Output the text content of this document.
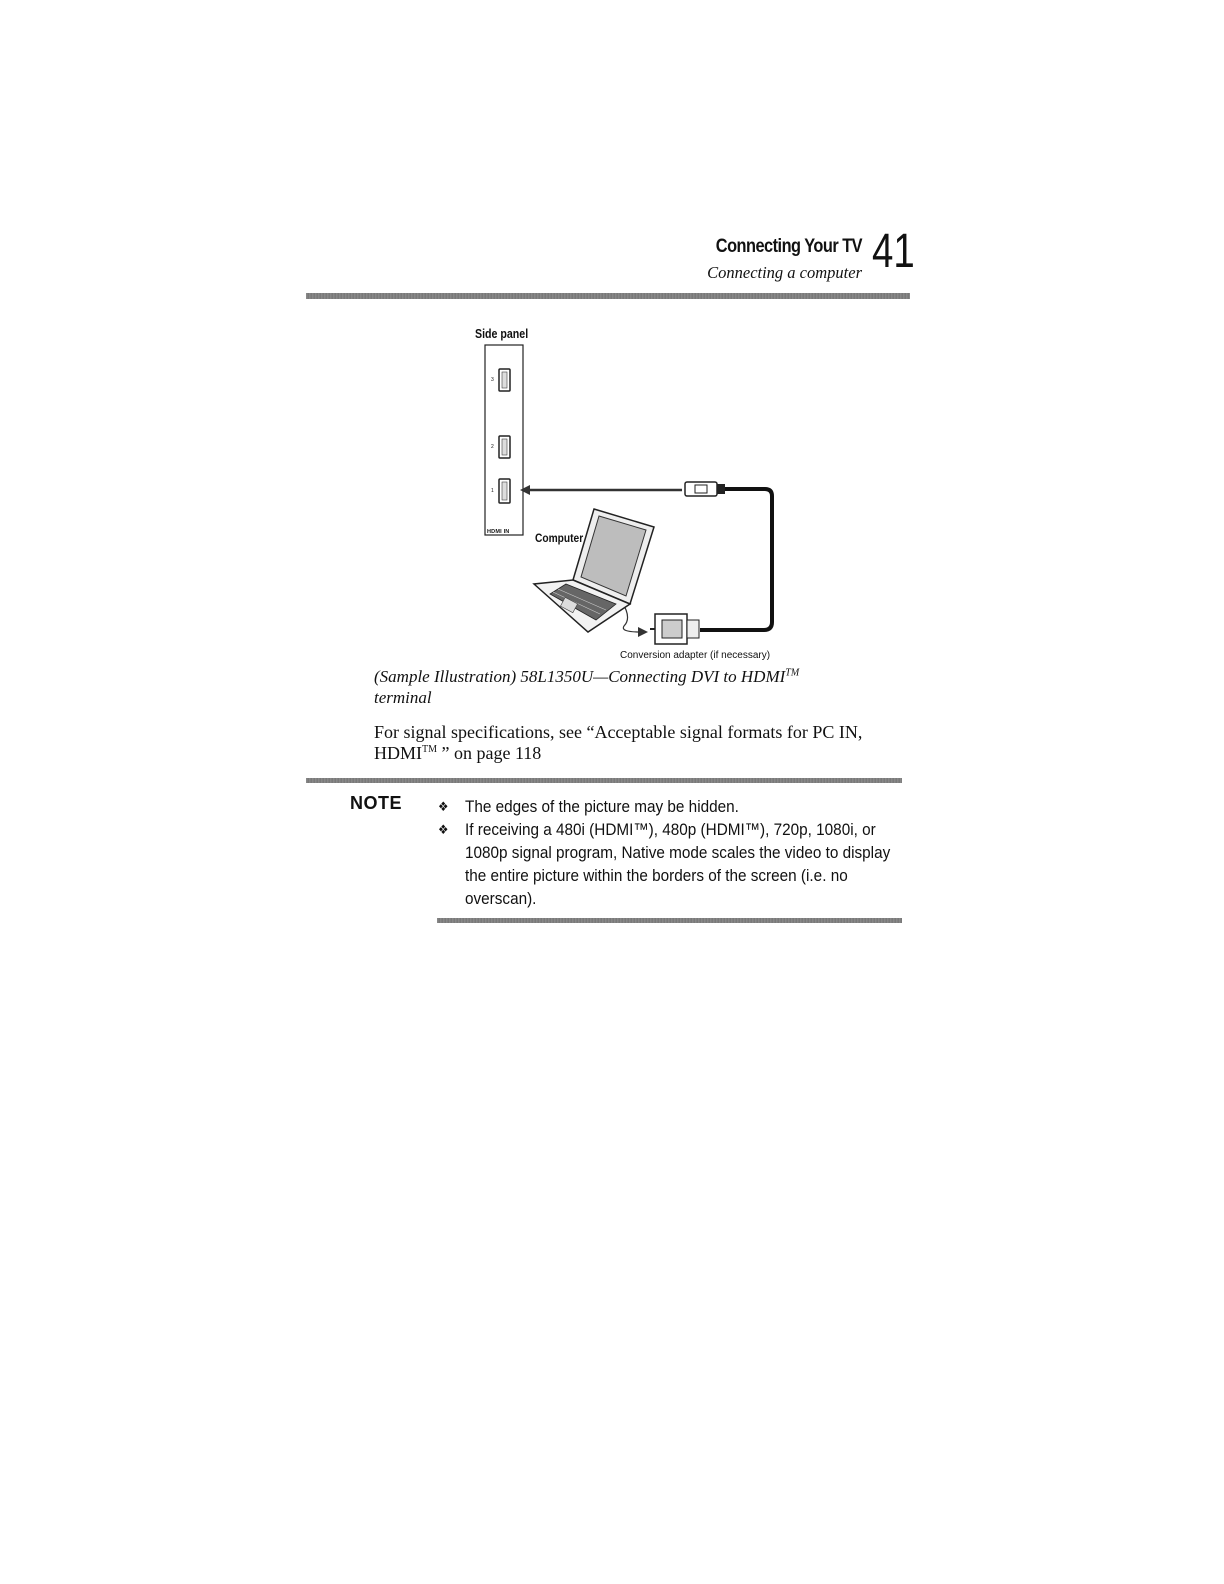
Connecting Your TV
Connecting a computer 41
Side panel
HDMI IN
3
2
1
Computer
Conversion adapter (if necessary)
(Sample Illustration) 58L1350U—Connecting DVI to HDMI™
terminal
For signal specifications, see “Acceptable signal formats for PC IN, HDMI™ ” on page 118
NOTE	❖ The edges of the picture may be hidden.
❖ If receiving a 480i (HDMI™), 480p (HDMI™), 720p, 1080i, or 1080p signal program, Native mode scales the video to display the entire picture within the borders of the screen (i.e. no overscan).
